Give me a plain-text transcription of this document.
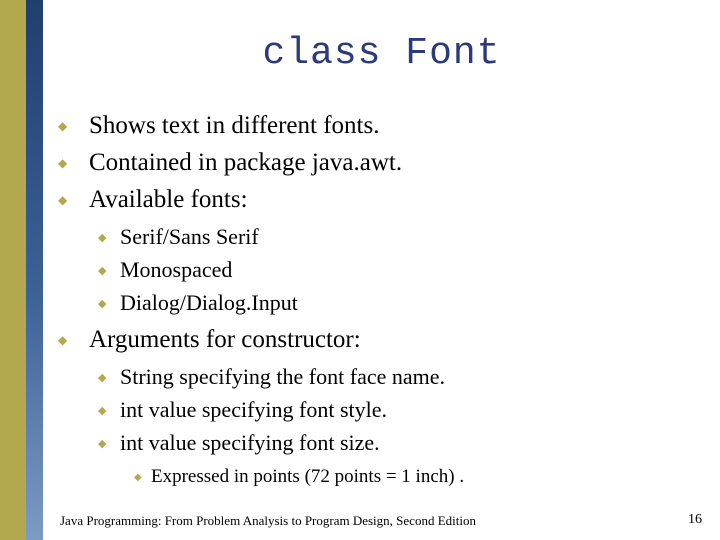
class Font
◆ Shows text in different fonts.
◆ Contained in package java.awt.
◆ Available fonts:
◆ Serif/Sans Serif
◆ Monospaced
◆ Dialog/Dialog.Input
◆ Arguments for constructor:
◆ String specifying the font face name.
◆ int value specifying font style.
◆ int value specifying font size.
◆ Expressed in points (72 points = 1 inch) .
Java Programming: From Problem Analysis to Program Design, Second Edition	16
